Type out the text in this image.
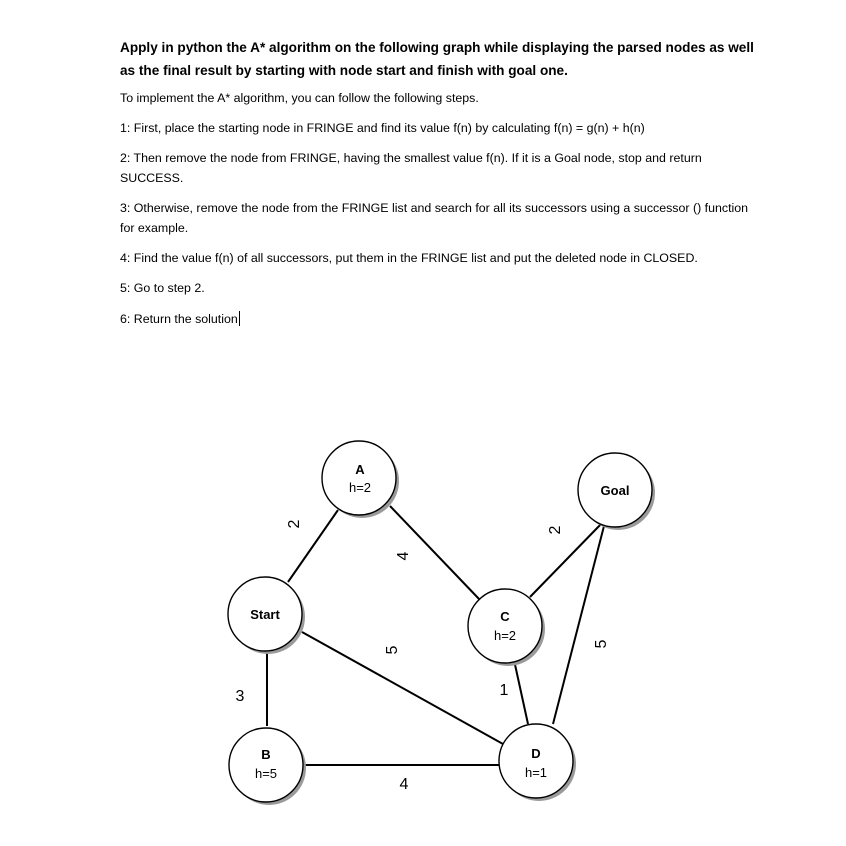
Apply in python the A* algorithm on the following graph while displaying the parsed nodes as well as the final result by starting with node start and finish with goal one.

To implement the A* algorithm, you can follow the following steps.

1: First, place the starting node in FRINGE and find its value f(n) by calculating f(n) = g(n) + h(n)

2: Then remove the node from FRINGE, having the smallest value f(n). If it is a Goal node, stop and return SUCCESS.

3: Otherwise, remove the node from the FRINGE list and search for all its successors using a successor () function for example.

4: Find the value f(n) of all successors, put them in the FRINGE list and put the deleted node in CLOSED.

5: Go to step 2.

6: Return the solution

2
4
2
5
1
5
3
4
A
h=2	Goal
Start	C
h=2
B
h=5
D
h=1
